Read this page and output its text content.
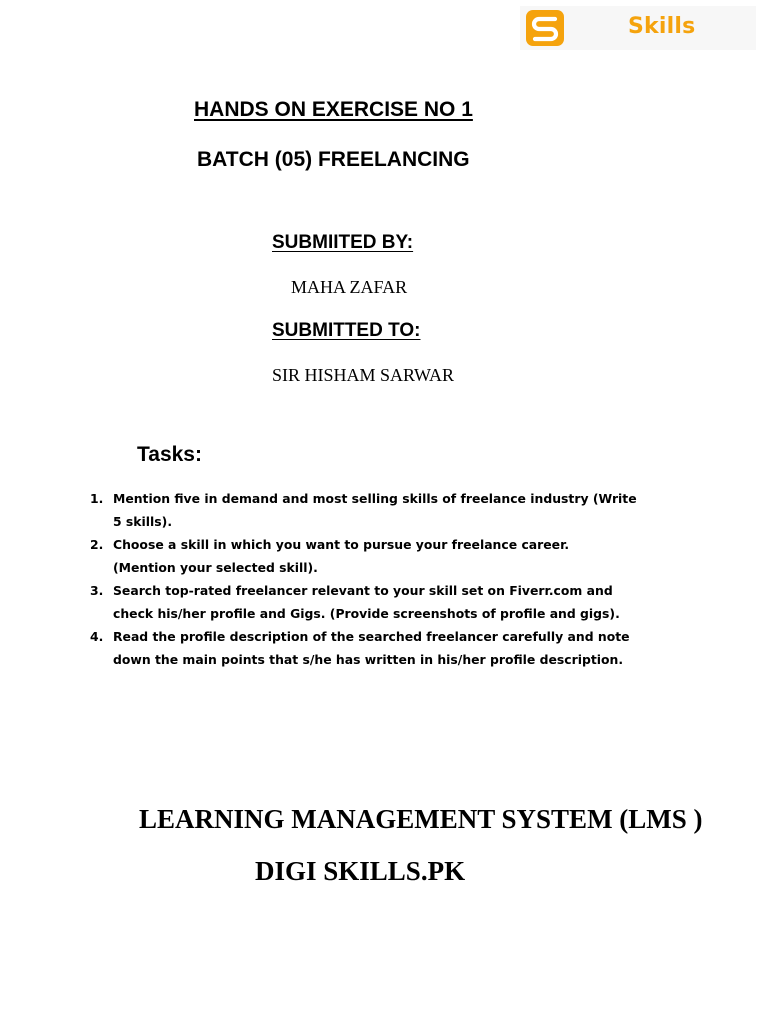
Skills
HANDS ON EXERCISE NO 1
BATCH (05) FREELANCING
SUBMIITED BY:
MAHA ZAFAR
SUBMITTED TO:
SIR HISHAM SARWAR
Tasks:
1. Mention five in demand and most selling skills of freelance industry (Write
5 skills).
2. Choose a skill in which you want to pursue your freelance career.
(Mention your selected skill).
3. Search top-rated freelancer relevant to your skill set on Fiverr.com and
check his/her profile and Gigs. (Provide screenshots of profile and gigs).
4. Read the profile description of the searched freelancer carefully and note
down the main points that s/he has written in his/her profile description.
LEARNING MANAGEMENT SYSTEM (LMS )
DIGI SKILLS.PK
